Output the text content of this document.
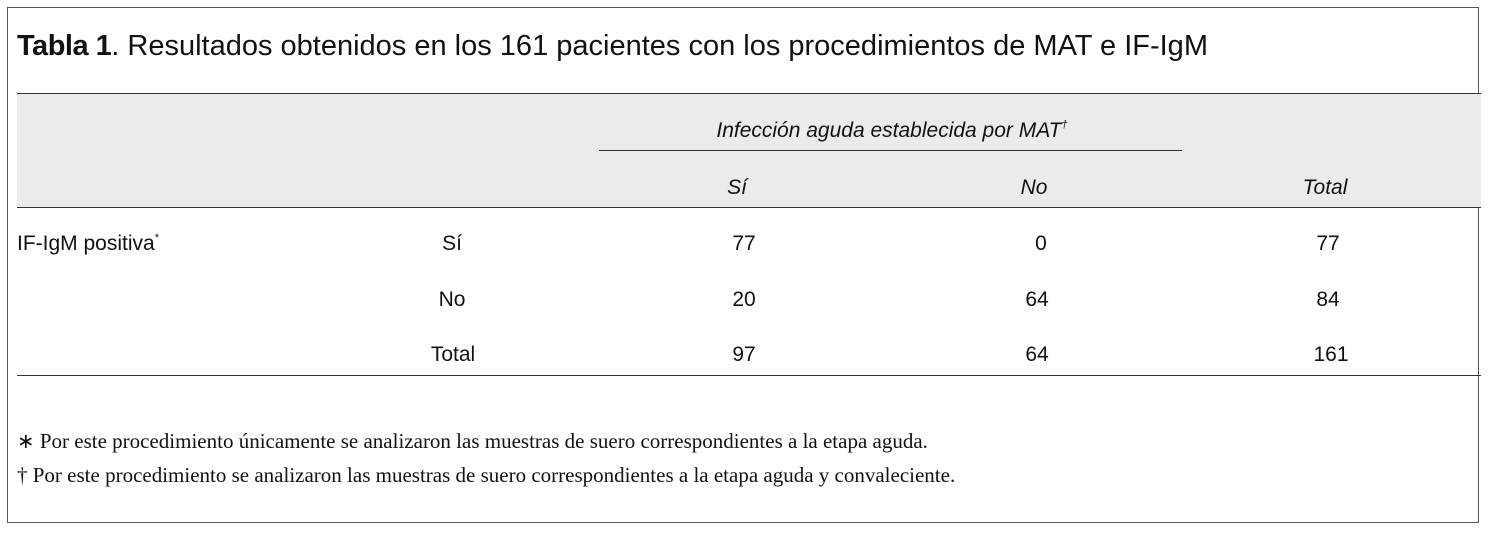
Tabla 1. Resultados obtenidos en los 161 pacientes con los procedimientos de MAT e IF-IgM
Infección aguda establecida por MAT†
Sí	No	Total
IF-IgM positiva*	Sí	77	0	77
No	20	64	84
Total	97	64	161
∗ Por este procedimiento únicamente se analizaron las muestras de suero correspondientes a la etapa aguda.
† Por este procedimiento se analizaron las muestras de suero correspondientes a la etapa aguda y convaleciente.
